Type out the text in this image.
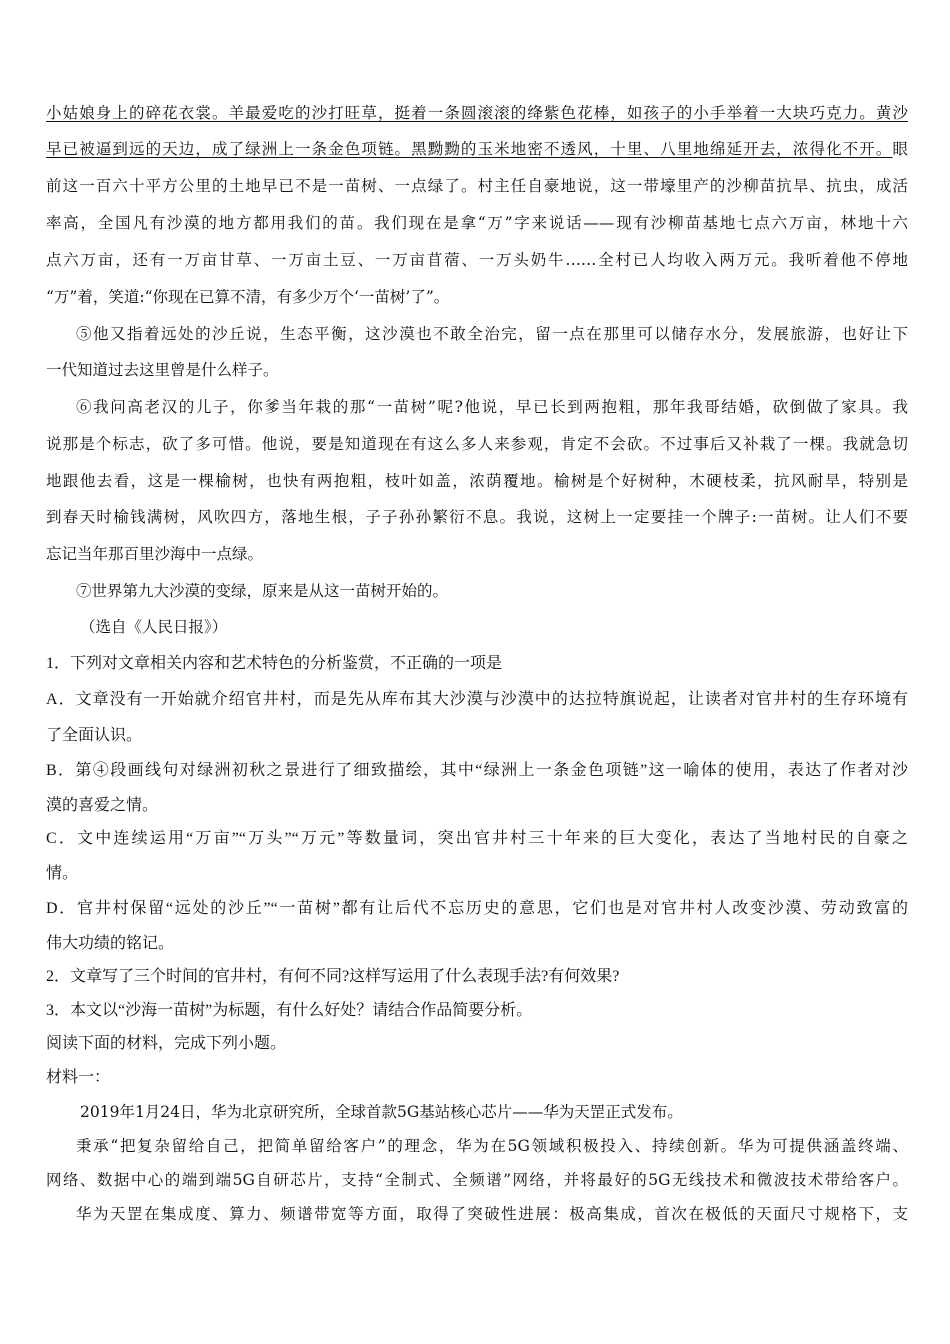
小姑娘身上的碎花衣裳。羊最爱吃的沙打旺草，挺着一条圆滚滚的绛紫色花棒，如孩子的小手举着一大块巧克力。黄沙
早已被逼到远的天边，成了绿洲上一条金色项链。黑黝黝的玉米地密不透风，十里、八里地绵延开去，浓得化不开。眼
前这一百六十平方公里的土地早已不是一苗树、一点绿了。村主任自豪地说，这一带壕里产的沙柳苗抗旱、抗虫，成活
率高，全国凡有沙漠的地方都用我们的苗。我们现在是拿“万”字来说话——现有沙柳苗基地七点六万亩，林地十六
点六万亩，还有一万亩甘草、一万亩土豆、一万亩苜蓿、一万头奶牛……全村已人均收入两万元。我听着他不停地
“万”着，笑道:“你现在已算不清，有多少万个‘一苗树’了”。
⑤他又指着远处的沙丘说，生态平衡，这沙漠也不敢全治完，留一点在那里可以储存水分，发展旅游，也好让下
一代知道过去这里曾是什么样子。
⑥我问高老汉的儿子，你爹当年栽的那“一苗树”呢?他说，早已长到两抱粗，那年我哥结婚，砍倒做了家具。我
说那是个标志，砍了多可惜。他说，要是知道现在有这么多人来参观，肯定不会砍。不过事后又补栽了一棵。我就急切
地跟他去看，这是一棵榆树，也快有两抱粗，枝叶如盖，浓荫覆地。榆树是个好树种，木硬枝柔，抗风耐旱，特别是
到春天时榆钱满树，风吹四方，落地生根，子子孙孙繁衍不息。我说，这树上一定要挂一个牌子:一苗树。让人们不要
忘记当年那百里沙海中一点绿。
⑦世界第九大沙漠的变绿，原来是从这一苗树开始的。
（选自《人民日报》）
1．下列对文章相关内容和艺术特色的分析鉴赏，不正确的一项是
A．文章没有一开始就介绍官井村，而是先从库布其大沙漠与沙漠中的达拉特旗说起，让读者对官井村的生存环境有
了全面认识。
B．第④段画线句对绿洲初秋之景进行了细致描绘，其中“绿洲上一条金色项链”这一喻体的使用，表达了作者对沙
漠的喜爱之情。
C．文中连续运用“万亩”“万头”“万元”等数量词，突出官井村三十年来的巨大变化，表达了当地村民的自豪之
情。
D．官井村保留“远处的沙丘”“一苗树”都有让后代不忘历史的意思，它们也是对官井村人改变沙漠、劳动致富的
伟大功绩的铭记。
2．文章写了三个时间的官井村，有何不同?这样写运用了什么表现手法?有何效果?
3．本文以“沙海一苗树”为标题，有什么好处？请结合作品简要分析。
阅读下面的材料，完成下列小题。
材料一：
2019年1月24日，华为北京研究所，全球首款5G基站核心芯片——华为天罡正式发布。
秉承“把复杂留给自己，把简单留给客户”的理念，华为在5G领域积极投入、持续创新。华为可提供涵盖终端、
网络、数据中心的端到端5G自研芯片，支持“全制式、全频谱”网络，并将最好的5G无线技术和微波技术带给客户。
华为天罡在集成度、算力、频谱带宽等方面，取得了突破性进展：极高集成，首次在极低的天面尺寸规格下，支
